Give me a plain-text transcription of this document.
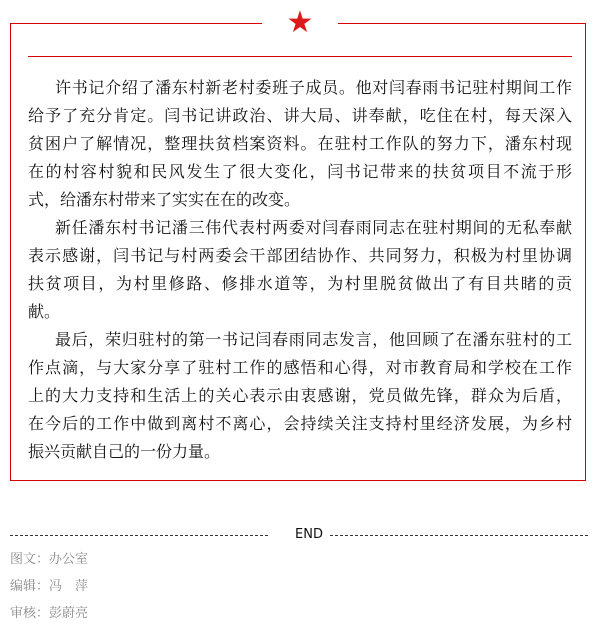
★
许书记介绍了潘东村新老村委班子成员。他对闫春雨书记驻村期间工作
给予了充分肯定。闫书记讲政治、讲大局、讲奉献，吃住在村，每天深入
贫困户了解情况，整理扶贫档案资料。在驻村工作队的努力下，潘东村现
在的村容村貌和民风发生了很大变化，闫书记带来的扶贫项目不流于形
式，给潘东村带来了实实在在的改变。
新任潘东村书记潘三伟代表村两委对闫春雨同志在驻村期间的无私奉献
表示感谢，闫书记与村两委会干部团结协作、共同努力，积极为村里协调
扶贫项目，为村里修路、修排水道等，为村里脱贫做出了有目共睹的贡
献。
最后，荣归驻村的第一书记闫春雨同志发言，他回顾了在潘东驻村的工
作点滴，与大家分享了驻村工作的感悟和心得，对市教育局和学校在工作
上的大力支持和生活上的关心表示由衷感谢，党员做先锋，群众为后盾，
在今后的工作中做到离村不离心，会持续关注支持村里经济发展，为乡村
振兴贡献自己的一份力量。
END
图文：办公室
编辑：冯　萍
审核：彭蔚亮
